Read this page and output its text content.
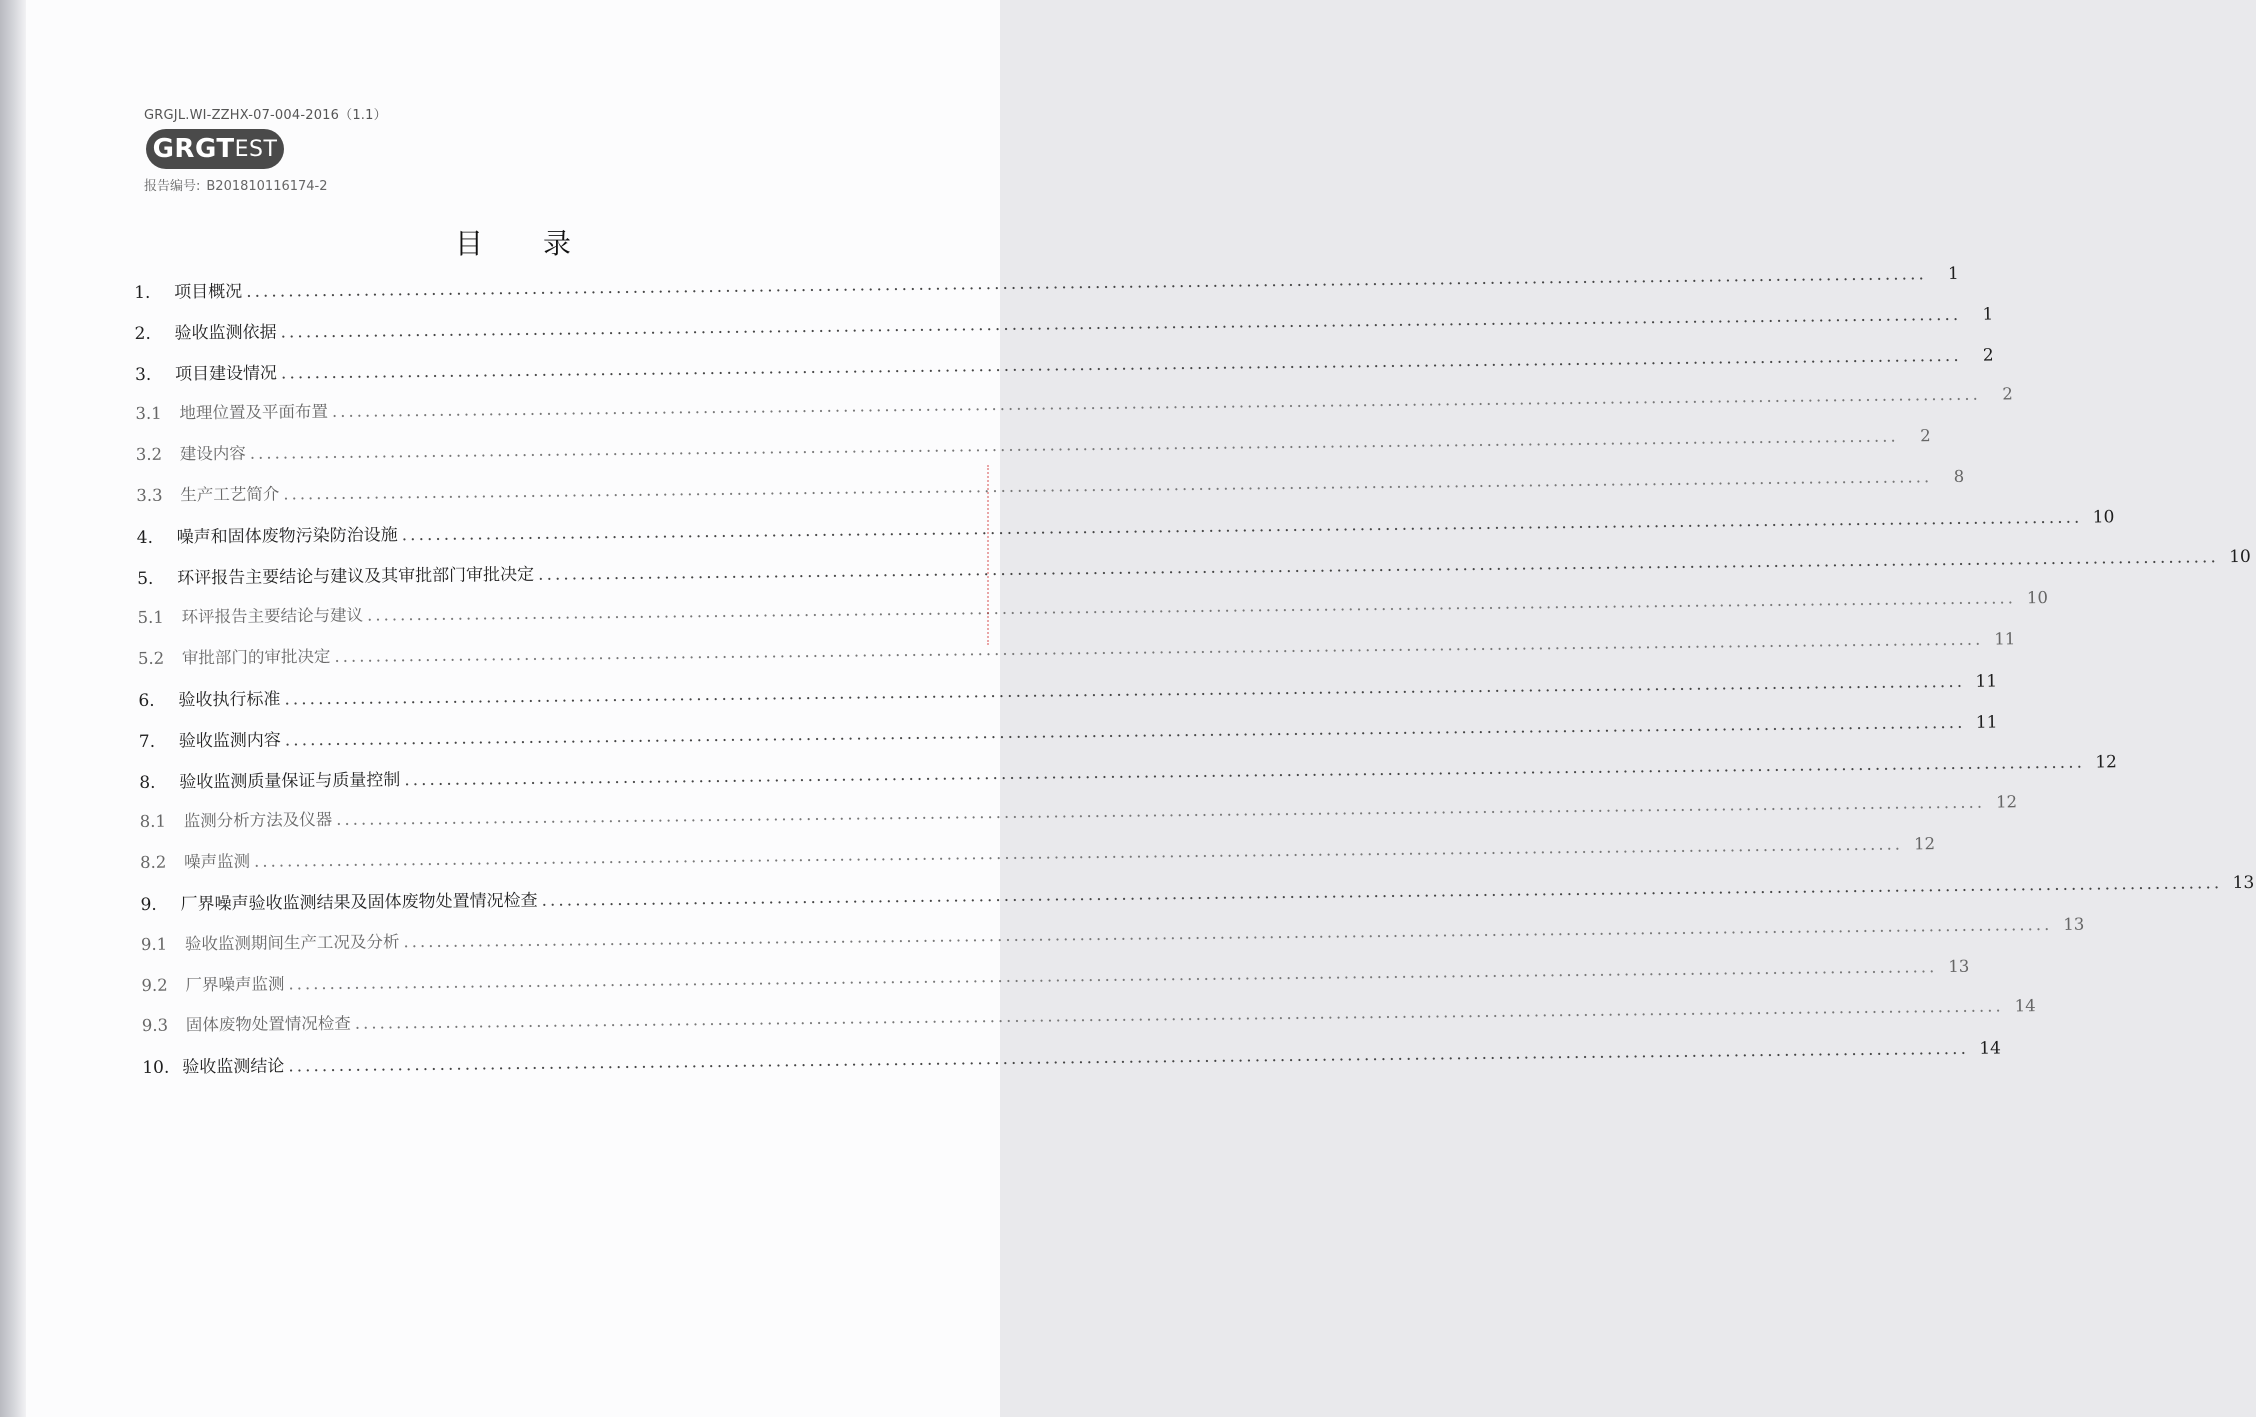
GRGJL.WI-ZZHX-07-004-2016（1.1）
GRGT EST
报告编号: B201810116174-2
目录
1.	项目概况 ........................................................................................................................................................................................................	1
2.	验收监测依据 ........................................................................................................................................................................................................	1
3.	项目建设情况 ........................................................................................................................................................................................................	2
3.1	地理位置及平面布置 ........................................................................................................................................................................................................	2
3.2	建设内容 ........................................................................................................................................................................................................	2
3.3	生产工艺简介 ........................................................................................................................................................................................................	8
4.	噪声和固体废物污染防治设施 ........................................................................................................................................................................................................ 10
5.	环评报告主要结论与建议及其审批部门审批决定 ........................................................................................................................................................................................................ 10
5.1	环评报告主要结论与建议 ........................................................................................................................................................................................................ 10
5.2	审批部门的审批决定 ........................................................................................................................................................................................................ 11
6.	验收执行标准 ........................................................................................................................................................................................................ 11
7.	验收监测内容 ........................................................................................................................................................................................................ 11
8.	验收监测质量保证与质量控制 ........................................................................................................................................................................................................ 12
8.1	监测分析方法及仪器 ........................................................................................................................................................................................................ 12
8.2	噪声监测 ........................................................................................................................................................................................................ 12
9.	厂界噪声验收监测结果及固体废物处置情况检查 ........................................................................................................................................................................................................ 13
9.1	验收监测期间生产工况及分析 ........................................................................................................................................................................................................ 13
9.2	厂界噪声监测 ........................................................................................................................................................................................................ 13
9.3	固体废物处置情况检查 ........................................................................................................................................................................................................ 14
10. 验收监测结论 ........................................................................................................................................................................................................ 14
